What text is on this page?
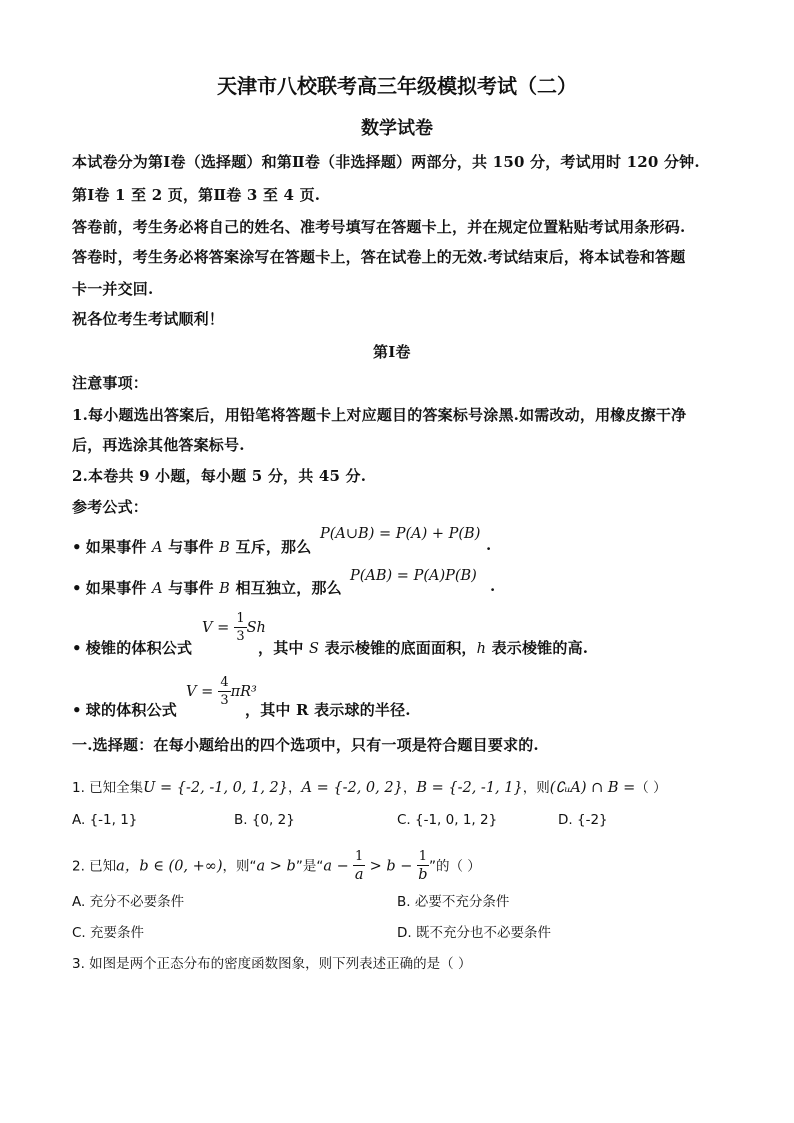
天津市八校联考高三年级模拟考试（二）
数学试卷
本试卷分为第Ⅰ卷（选择题）和第Ⅱ卷（非选择题）两部分，共 150 分，考试用时 120 分钟.
第Ⅰ卷 1 至 2 页，第Ⅱ卷 3 至 4 页.
答卷前，考生务必将自己的姓名、准考号填写在答题卡上，并在规定位置粘贴考试用条形码.
答卷时，考生务必将答案涂写在答题卡上，答在试卷上的无效.考试结束后，将本试卷和答题
卡一并交回.
祝各位考生考试顺利！
第Ⅰ卷
注意事项：
1.每小题选出答案后，用铅笔将答题卡上对应题目的答案标号涂黑.如需改动，用橡皮擦干净
后，再选涂其他答案标号.
2.本卷共 9 小题，每小题 5 分，共 45 分.
参考公式：
• 如果事件 A 与事件 B 互斥，那么
P(A∪B) = P(A) + P(B)
.
• 如果事件 A 与事件 B 相互独立，那么
P(AB) = P(A)P(B)
.
• 棱锥的体积公式
$V = \frac{1}{3}$ Sh
，其中 S 表示棱锥的底面面积，h 表示棱锥的高.
• 球的体积公式
$V = \frac{4}{3} \pi R^3$
，其中 R 表示球的半径.
一.选择题：在每小题给出的四个选项中，只有一项是符合题目要求的.
1. 已知全集U = {-2, -1, 0, 1, 2}，A = {-2, 0, 2}，B = {-2, -1, 1}，则(∁ᵤA) ∩ B =（ ）
A. {-1, 1}	B. {0, 2}	C. {-1, 0, 1, 2}	D. {-2}
2. 已知a，b ∈ (0, +∞)，则“a > b”是“$a - \frac{1}{a} > b - \frac{1}{b}$ ”的（ ）
A. 充分不必要条件	B. 必要不充分条件
C. 充要条件	D. 既不充分也不必要条件
3. 如图是两个正态分布的密度函数图象，则下列表述正确的是（ ）
